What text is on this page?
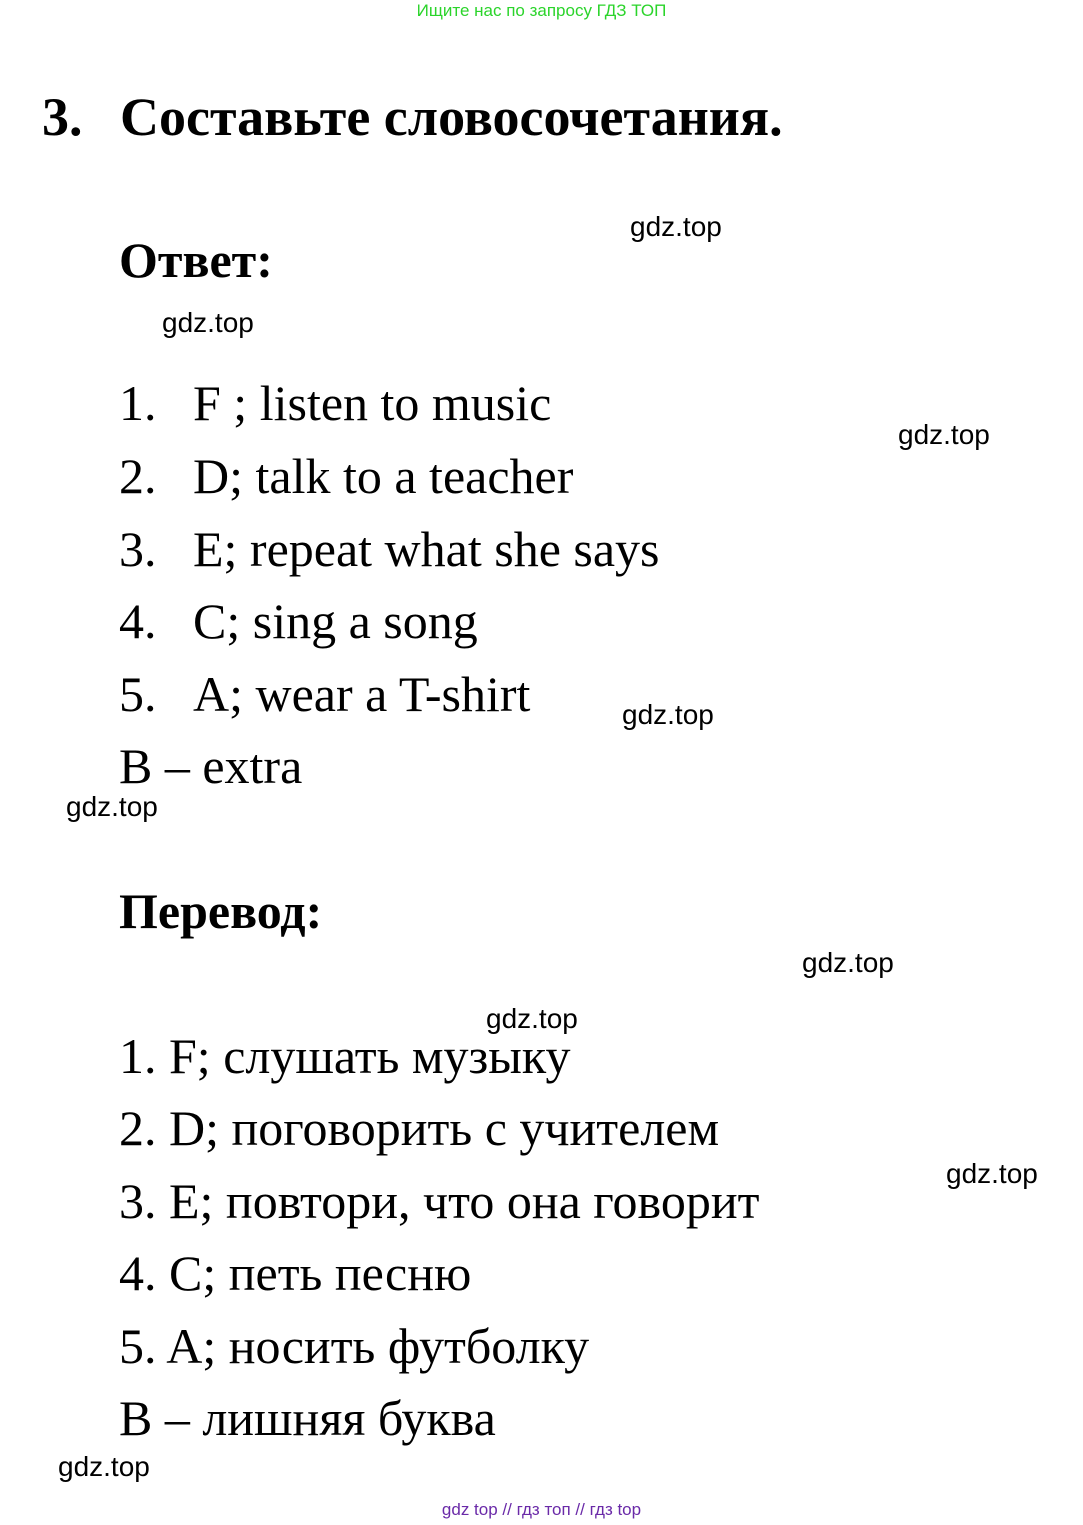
Ищите нас по запросу ГДЗ ТОП
3. Составьте словосочетания.
gdz.top
Ответ:
gdz.top
1. F ; listen to music
gdz.top
2. D; talk to a teacher
3. E; repeat what she says
4. C; sing a song
5. A; wear a T-shirt	gdz.top
B – extra
gdz.top
Перевод:
gdz.top
gdz.top
1. F; слушать музыку
2. D; поговорить с учителем
gdz.top
3. E; повтори, что она говорит
4. C; петь песню
5. A; носить футболку
B – лишняя буква
gdz.top
gdz top // гдз топ // гдз top
